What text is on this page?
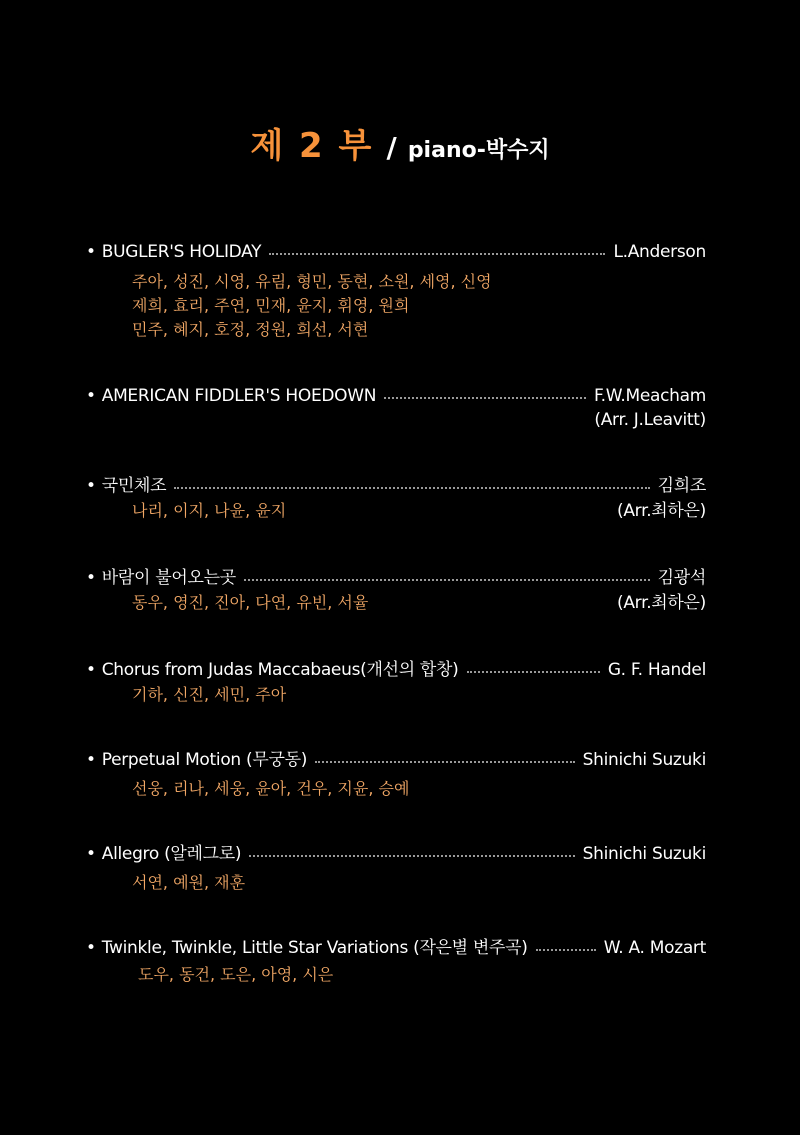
제 2 부 / piano-박수지
• BUGLER'S HOLIDAY	L.Anderson
주아, 성진, 시영, 유림, 형민, 동현, 소원, 세영, 신영
제희, 효리, 주연, 민재, 윤지, 휘영, 원희
민주, 혜지, 호정, 정원, 희선, 서현
• AMERICAN FIDDLER'S HOEDOWN	F.W.Meacham
(Arr. J.Leavitt)
• 국민체조	김희조
나리, 이지, 나윤, 윤지	(Arr.최하은)
• 바람이 불어오는곳	김광석
동우, 영진, 진아, 다연, 유빈, 서율	(Arr.최하은)
• Chorus from Judas Maccabaeus(개선의 합창)	G. F. Handel
기하, 신진, 세민, 주아
• Perpetual Motion (무궁동)	Shinichi Suzuki
선웅, 리나, 세웅, 윤아, 건우, 지윤, 승예
• Allegro (알레그로)	Shinichi Suzuki
서연, 예원, 재훈
• Twinkle, Twinkle, Little Star Variations (작은별 변주곡)	W. A. Mozart
도우, 동건, 도은, 아영, 시은
